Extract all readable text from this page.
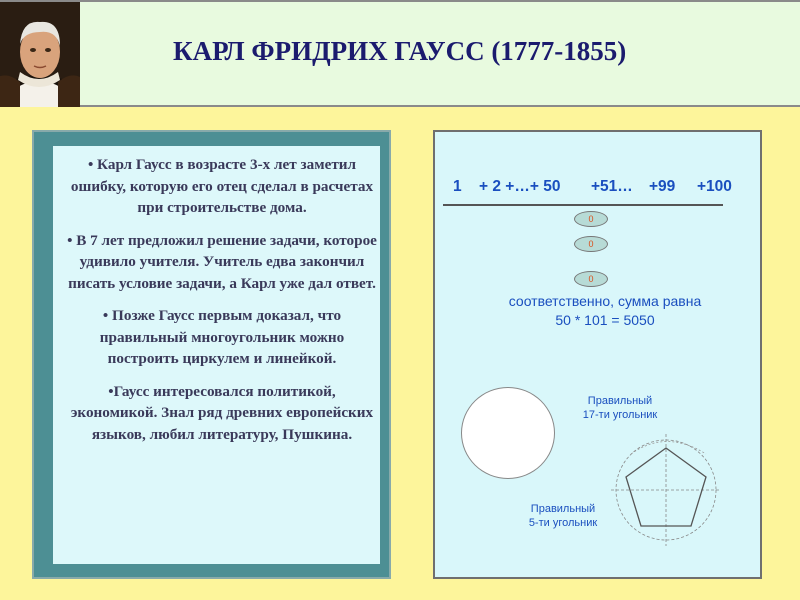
КАРЛ ФРИДРИХ ГАУСС (1777-1855)

• Карл Гаусс в возрасте 3-х лет заметил ошибку, которую его отец сделал в расчетах при строительстве дома.

• В 7 лет предложил решение задачи, которое удивило учителя. Учитель едва закончил писать условие задачи, а Карл уже дал ответ.

• Позже Гаусс первым доказал, что правильный многоугольник можно построить циркулем и линейкой.

•Гаусс интересовался политикой, экономикой. Знал ряд древних европейских языков, любил литературу, Пушкина.

1 + 2 +…+ 50 +51… +99 +100
0
0
0
соответственно, сумма равна
50 * 101 = 5050
Правильный
17-ти угольник
Правильный
5-ти угольник
